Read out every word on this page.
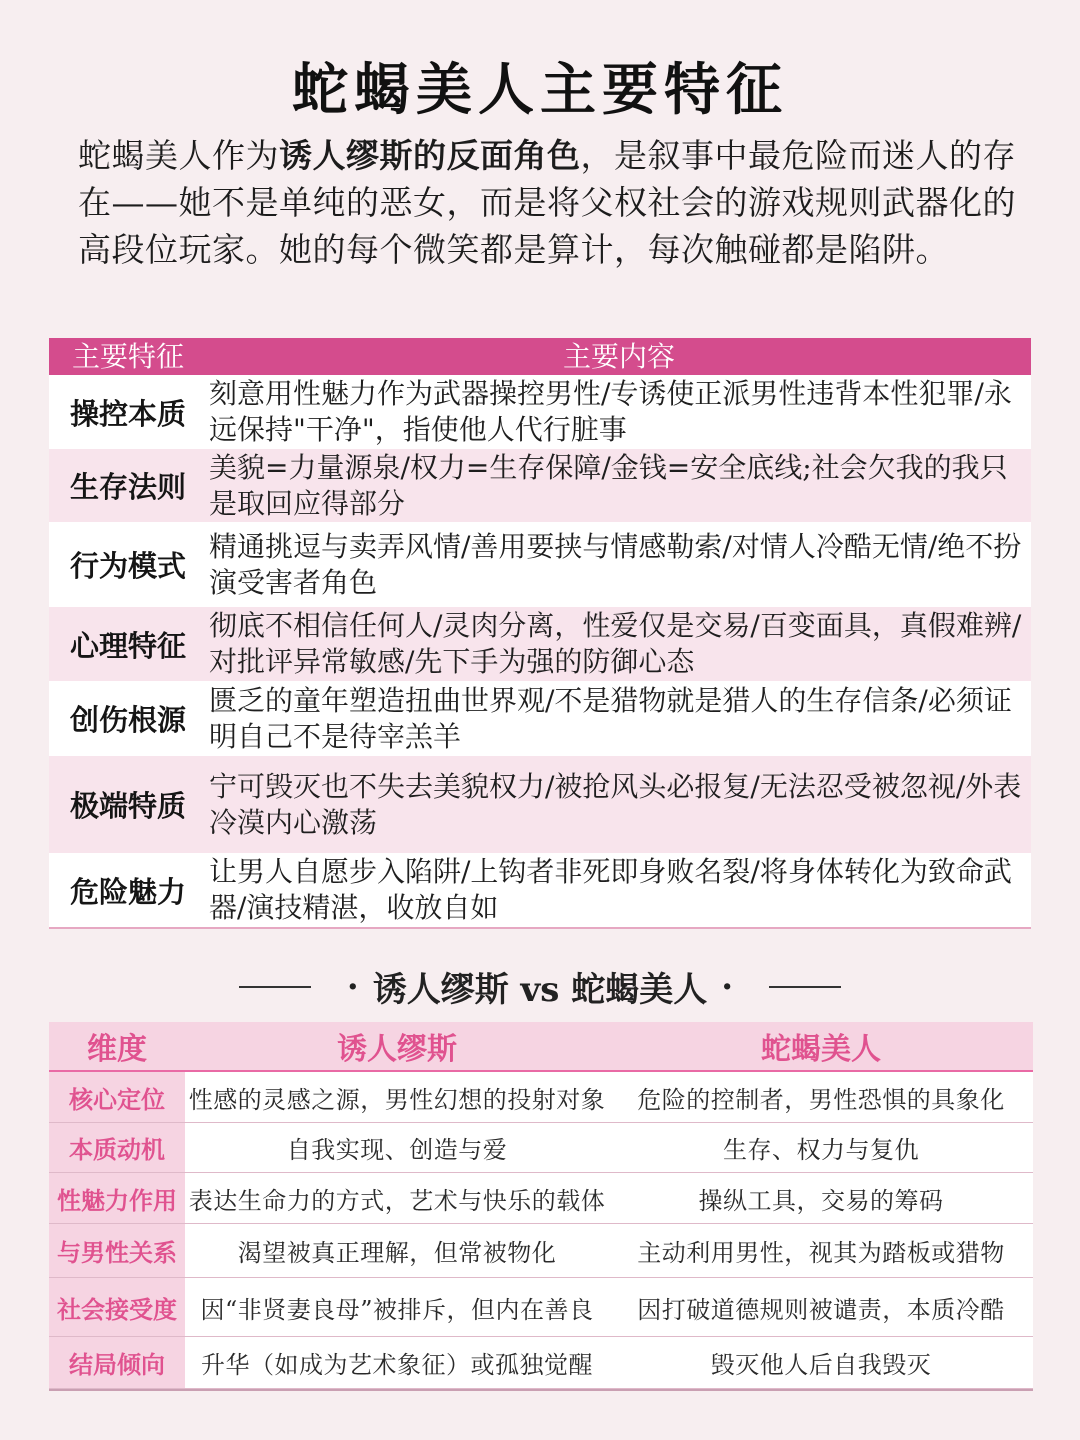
蛇蝎美人主要特征
蛇蝎美人作为诱人缪斯的反面角色，是叙事中最危险而迷人的存在——她不是单纯的恶女，而是将父权社会的游戏规则武器化的高段位玩家。她的每个微笑都是算计，每次触碰都是陷阱。
主要特征	主要内容
操控本质
刻意用性魅力作为武器操控男性/专诱使正派男性违背本性犯罪/永远保持"干净"，指使他人代行脏事
生存法则
美貌=力量源泉/权力=生存保障/金钱=安全底线;社会欠我的我只是取回应得部分
行为模式
精通挑逗与卖弄风情/善用要挟与情感勒索/对情人冷酷无情/绝不扮演受害者角色
心理特征
彻底不相信任何人/灵肉分离，性爱仅是交易/百变面具，真假难辨/对批评异常敏感/先下手为强的防御心态
创伤根源
匮乏的童年塑造扭曲世界观/不是猎物就是猎人的生存信条/必须证明自己不是待宰羔羊
极端特质
宁可毁灭也不失去美貌权力/被抢风头必报复/无法忍受被忽视/外表冷漠内心激荡
危险魅力
让男人自愿步入陷阱/上钩者非死即身败名裂/将身体转化为致命武器/演技精湛，收放自如
· 诱人缪斯 vs 蛇蝎美人 ·
维度	诱人缪斯	蛇蝎美人
核心定位 性感的灵感之源，男性幻想的投射对象	危险的控制者，男性恐惧的具象化
本质动机	自我实现、创造与爱	生存、权力与复仇
性魅力作用 表达生命力的方式，艺术与快乐的载体	操纵工具，交易的筹码
与男性关系	渴望被真正理解，但常被物化	主动利用男性，视其为踏板或猎物
社会接受度 因“非贤妻良母”被排斥，但内在善良	因打破道德规则被谴责，本质冷酷
结局倾向	升华（如成为艺术象征）或孤独觉醒	毁灭他人后自我毁灭
